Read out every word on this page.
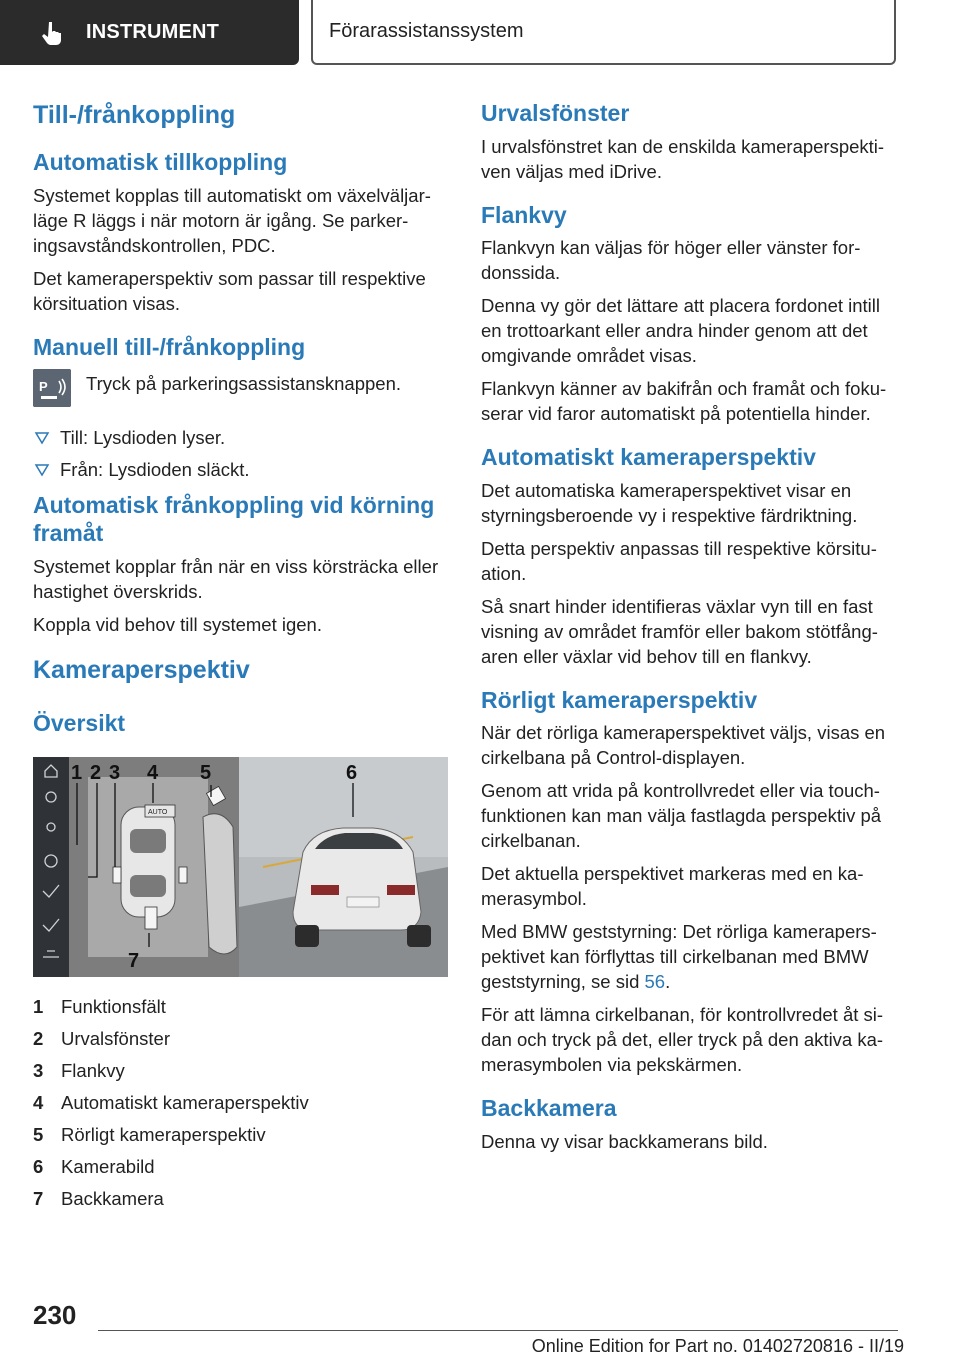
INSTRUMENT	Förarassistanssystem
Till-/frånkoppling
Automatisk tillkoppling

Systemet kopplas till automatiskt om växelväljar-läge R läggs i när motorn är igång. Se parker-ingsavståndskontrollen, PDC.

Det kameraperspektiv som passar till respektive körsituation visas.

Manuell till-/frånkoppling
P Tryck på parkeringsassistansknappen.

Till: Lysdioden lyser.

Från: Lysdioden släckt.

Automatisk frånkoppling vid körning framåt

Systemet kopplar från när en viss körsträcka eller hastighet överskrids.

Koppla vid behov till systemet igen.

Kameraperspektiv
Översikt
AUTO
1 2 3 4 5	6
7
1 Funktionsfält
2 Urvalsfönster
3 Flankvy
4 Automatiskt kameraperspektiv
5 Rörligt kameraperspektiv
6 Kamerabild
7 Backkamera
Urvalsfönster

I urvalsfönstret kan de enskilda kameraperspekti-ven väljas med iDrive.

Flankvy

Flankvyn kan väljas för höger eller vänster for-donssida.

Denna vy gör det lättare att placera fordonet intill en trottoarkant eller andra hinder genom att det omgivande området visas.

Flankvyn känner av bakifrån och framåt och foku-serar vid faror automatiskt på potentiella hinder.

Automatiskt kameraperspektiv

Det automatiska kameraperspektivet visar en styrningsberoende vy i respektive färdriktning.

Detta perspektiv anpassas till respektive körsitu-ation.

Så snart hinder identifieras växlar vyn till en fast visning av området framför eller bakom stötfång-aren eller växlar vid behov till en flankvy.

Rörligt kameraperspektiv

När det rörliga kameraperspektivet väljs, visas en cirkelbana på Control-displayen.

Genom att vrida på kontrollvredet eller via touch-funktionen kan man välja fastlagda perspektiv på cirkelbanan.

Det aktuella perspektivet markeras med en ka-merasymbol.

Med BMW geststyrning: Det rörliga kamerapers-pektivet kan förflyttas till cirkelbanan med BMW geststyrning, se sid 56.

För att lämna cirkelbanan, för kontrollvredet åt si-dan och tryck på det, eller tryck på den aktiva ka-merasymbolen via pekskärmen.

Backkamera

Denna vy visar backkamerans bild.

230
Online Edition for Part no. 01402720816 - II/19
